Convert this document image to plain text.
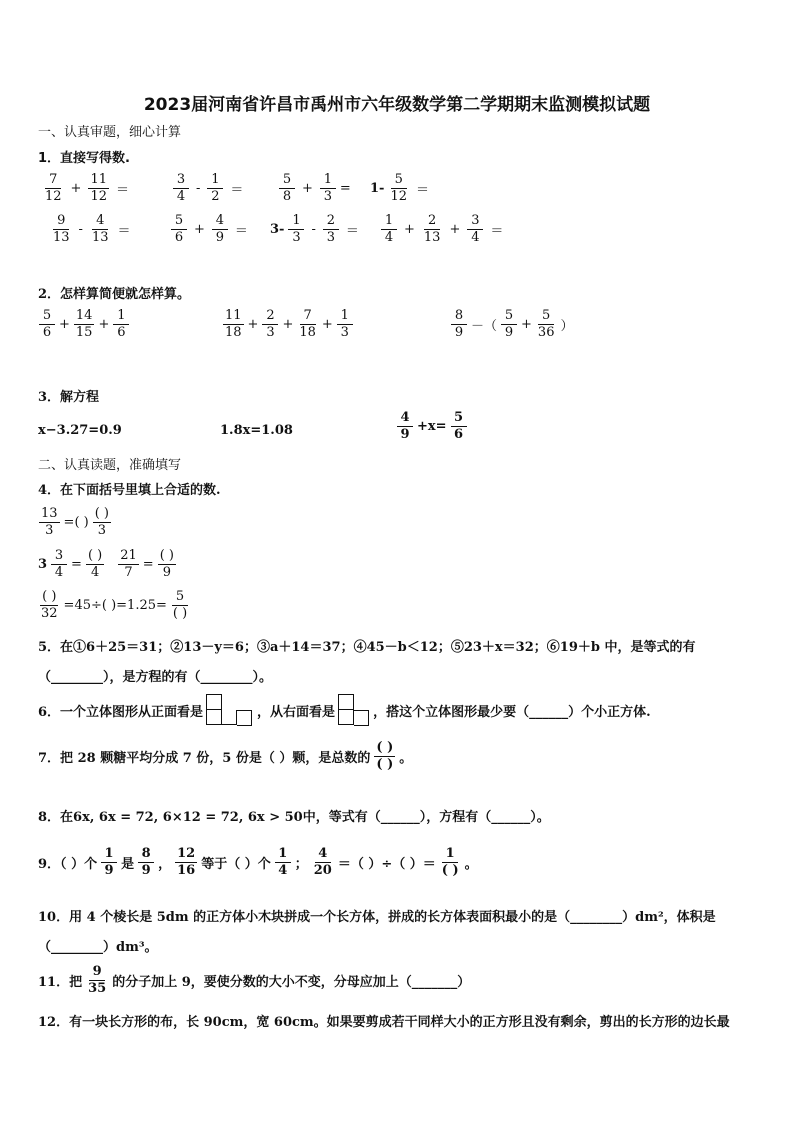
2023届河南省许昌市禹州市六年级数学第二学期期末监测模拟试题
一、认真审题，细心计算
1．直接写得数.
$\frac{7}{12} + \frac{11}{12}$ ＝	$\frac{3}{4} - \frac{1}{2}$ ＝	$\frac{5}{8} + \frac{1}{3} = 1- \frac{5}{12}$ ＝
$\frac{9}{13} - \frac{4}{13}$ ＝	$\frac{5}{6} + \frac{4}{9} = 3- \frac{1}{3} - \frac{2}{3} = \frac{1}{4} + \frac{2}{13} + \frac{3}{4}$ ＝
2．怎样算简便就怎样算。
$\frac{5}{6} + \frac{14}{15} + \frac{1}{6}$	$\frac{11}{18} + \frac{2}{3} + \frac{7}{18} + \frac{1}{3}$	$\frac{8}{9}$ －（ $\frac{5}{9} + \frac{5}{36}$ ）
3．解方程
x−3.27=0.9	1.8x=1.08	$\frac{4}{9} +x= \frac{5}{6}$
二、认真读题，准确填写
4．在下面括号里填上合适的数.
$\frac{13}{3}$ =( ) $\frac{( )}{3}$
$3 \frac{3}{4} = \frac{( )}{4} \frac{21}{7} = \frac{( )}{9}$
$\frac{( )}{32} =45\div$( )$=1.25= \frac{5}{( )}$
5．在①6＋25＝31；②13－y＝6；③a＋14＝37；④45－b＜12；⑤23＋x＝32；⑥19＋b 中，是等式的有
（________），是方程的有（________）。
6．一个立体图形从正面看是	，从右面看是	，搭这个立体图形最少要（______）个小正方体.
7．把 28 颗糖平均分成 7 份，5 份是（ ）颗，是总数的 $\frac{( )}{( )}$ 。
8．在6x, 6x = 72, 6×12 = 72, 6x > 50中，等式有（______），方程有（______）。
9．（ ）个 $\frac{1}{9}$ 是 $\frac{8}{9}$ ， $\frac{12}{16}$ 等于（ ）个 $\frac{1}{4}$ ； $\frac{4}{20}$ ＝（ ）÷（ ）＝ $\frac{1}{( )}$ 。
10．用 4 个棱长是 5dm 的正方体小木块拼成一个长方体，拼成的长方体表面积最小的是（________）dm²，体积是
（________）dm³。
11．把 $\frac{9}{35}$ 的分子加上 9，要使分数的大小不变，分母应加上（_______）
12．有一块长方形的布，长 90cm，宽 60cm。如果要剪成若干同样大小的正方形且没有剩余，剪出的长方形的边长最
